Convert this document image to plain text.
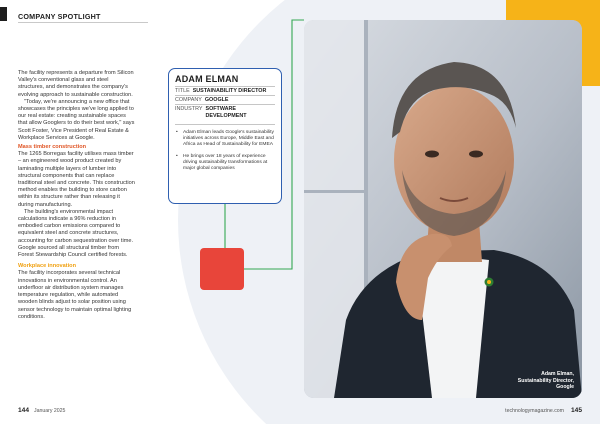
COMPANY SPOTLIGHT

The facility represents a departure from Silicon Valley's conventional glass and steel structures, and demonstrates the company's evolving approach to sustainable construction.

"Today, we're announcing a new office that showcases the principles we've long applied to our real estate: creating sustainable spaces that allow Googlers to do their best work," says Scott Foster, Vice President of Real Estate & Workplace Services at Google.

Mass timber construction

The 1265 Borregas facility utilises mass timber – an engineered wood product created by laminating multiple layers of lumber into structural components that can replace traditional steel and concrete. This construction method enables the building to store carbon within its structure rather than releasing it during manufacturing.

The building's environmental impact calculations indicate a 96% reduction in embodied carbon emissions compared to equivalent steel and concrete structures, accounting for carbon sequestration over time. Google sourced all structural timber from Forest Stewardship Council certified forests.

Workplace innovation

The facility incorporates several technical innovations in environmental control. An underfloor air distribution system manages temperature regulation, while automated wooden blinds adjust to solar position using sensor technology to maintain optimal lighting conditions.

ADAM ELMAN
TITLE SUSTAINABILITY DIRECTOR
COMPANY GOOGLE
INDUSTRY SOFTWARE DEVELOPMENT
• Adam Elman leads Google's sustainability initiatives across Europe, Middle East and Africa as Head of Sustainability for EMEA
• He brings over 18 years of experience driving sustainability transformations at major global companies
Adam Elman, Sustainability Director, Google
144 January 2025	technologymagazine.com 145
